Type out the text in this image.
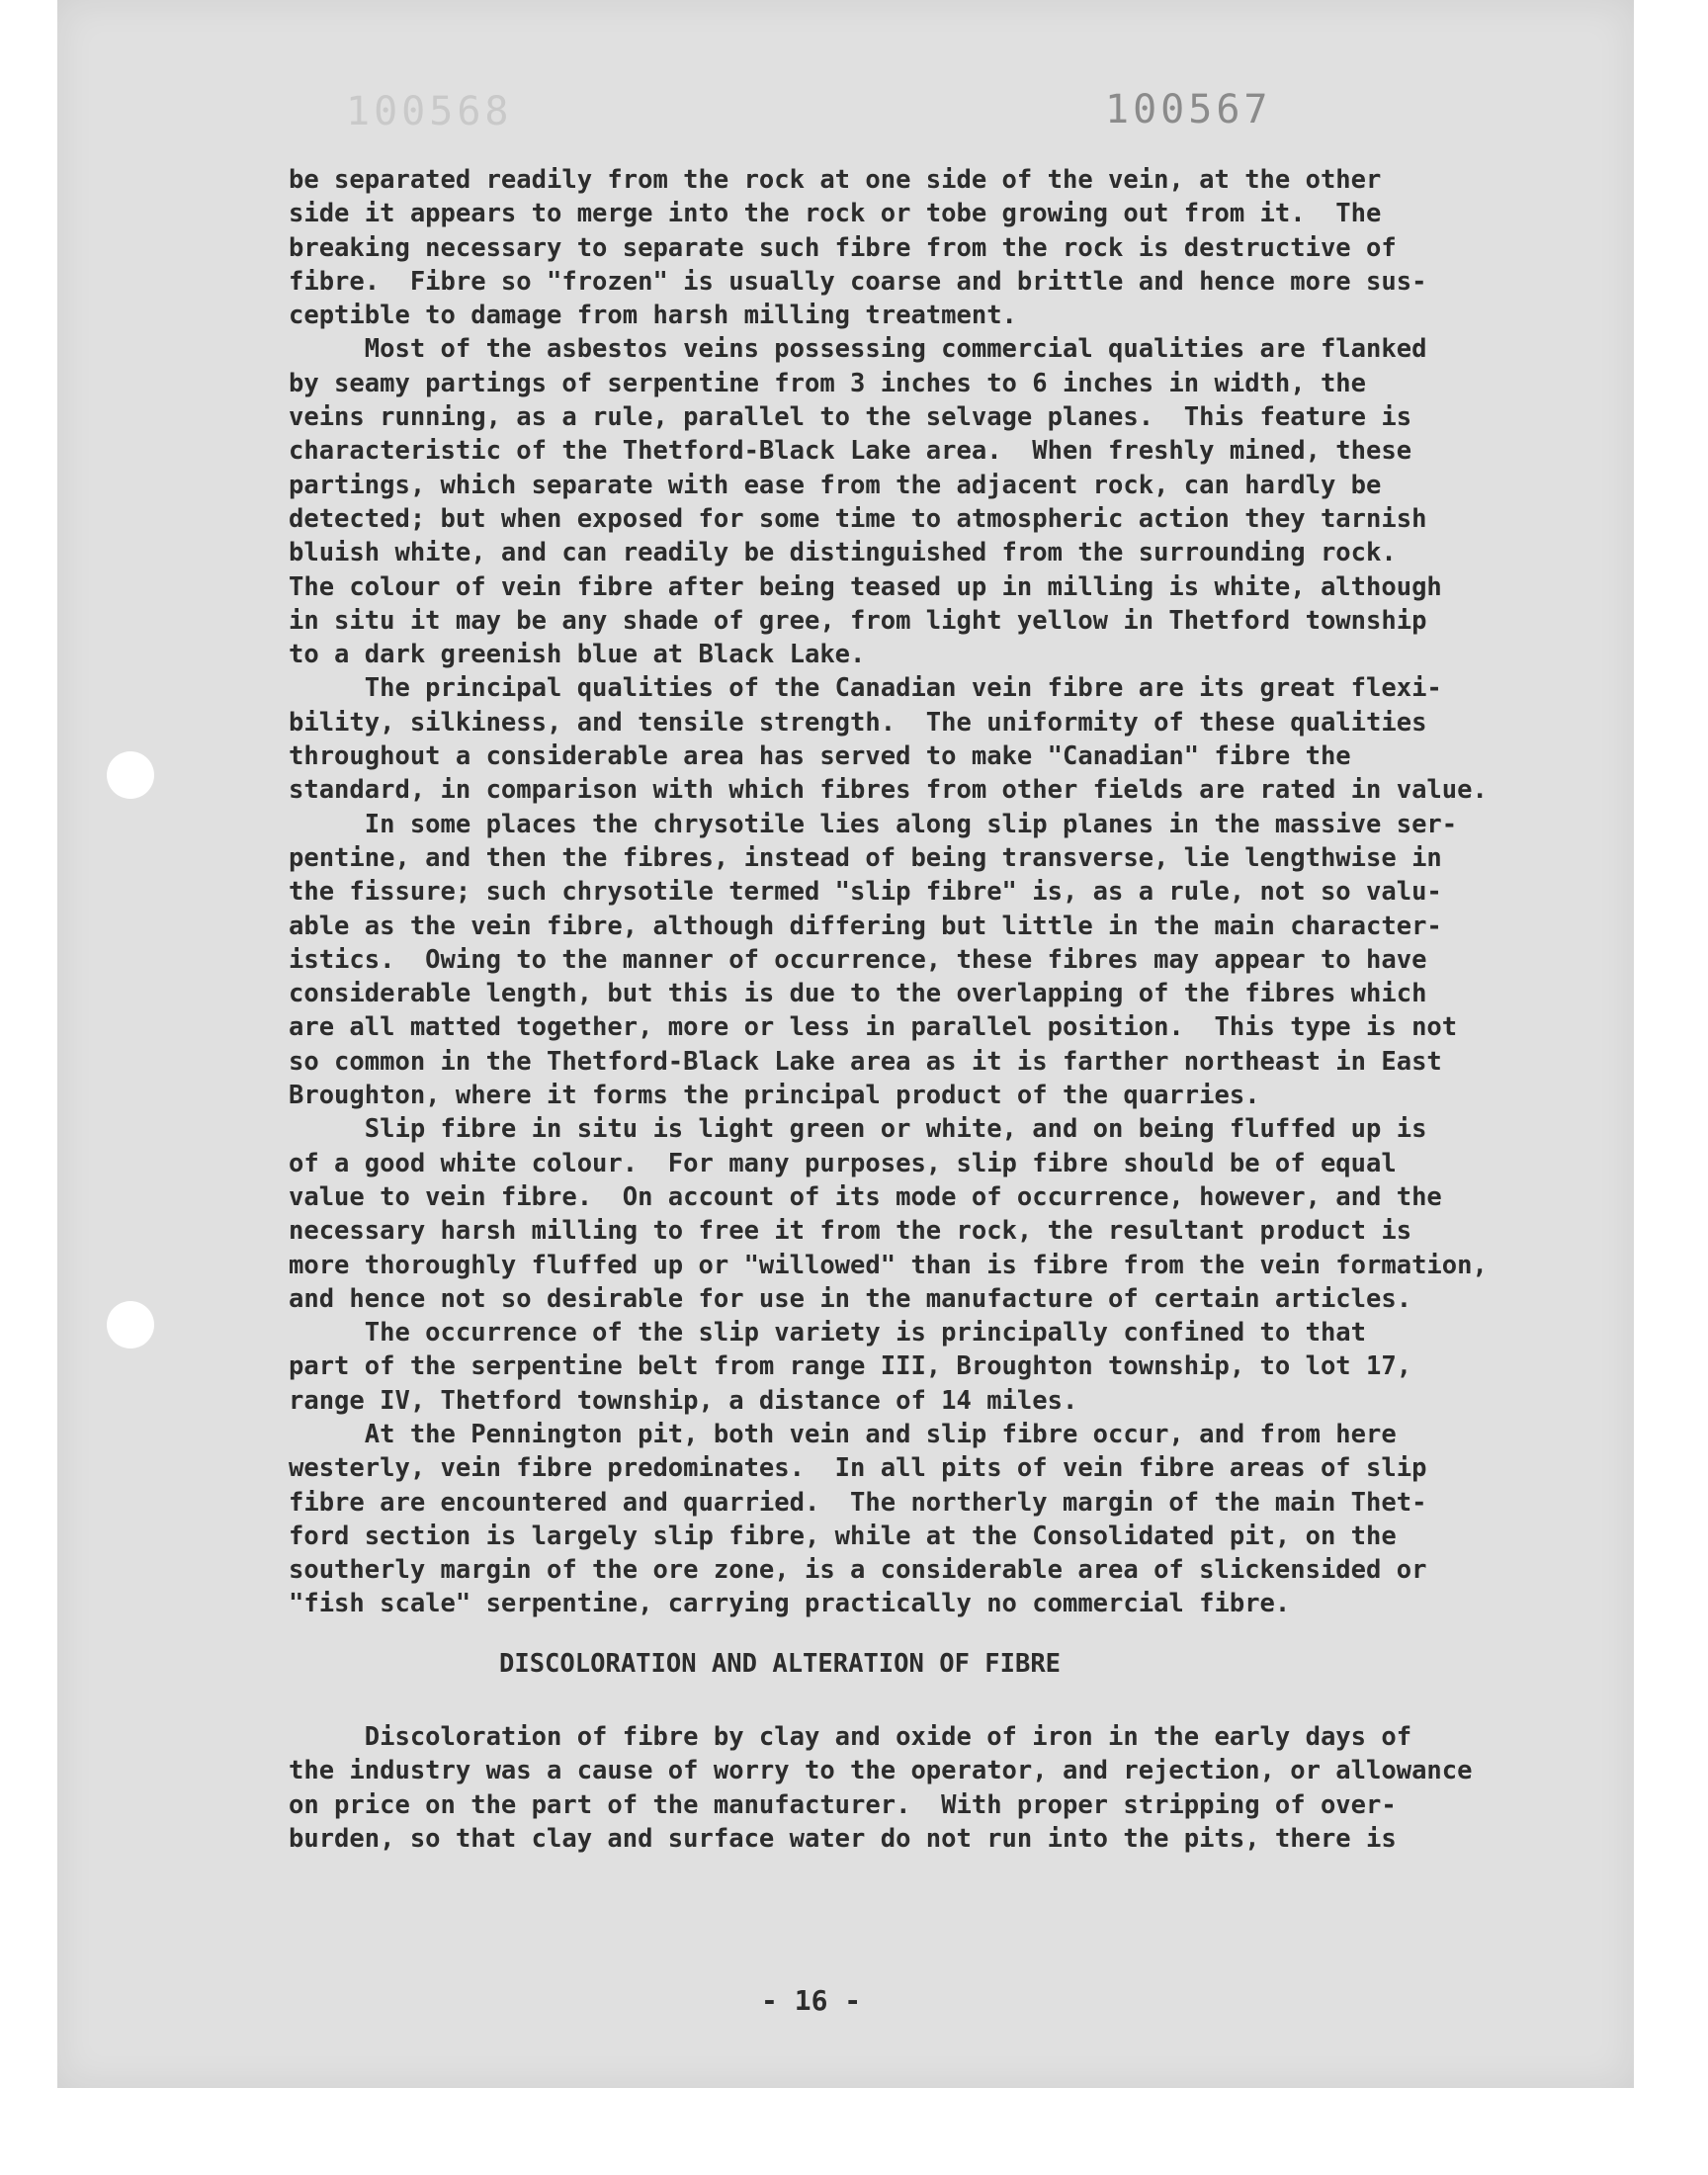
100568	100567
be separated readily from the rock at one side of the vein, at the other
side it appears to merge into the rock or tobe growing out from it.  The
breaking necessary to separate such fibre from the rock is destructive of
fibre.  Fibre so "frozen" is usually coarse and brittle and hence more sus-
ceptible to damage from harsh milling treatment.
Most of the asbestos veins possessing commercial qualities are flanked
by seamy partings of serpentine from 3 inches to 6 inches in width, the
veins running, as a rule, parallel to the selvage planes.  This feature is
characteristic of the Thetford-Black Lake area.  When freshly mined, these
partings, which separate with ease from the adjacent rock, can hardly be
detected; but when exposed for some time to atmospheric action they tarnish
bluish white, and can readily be distinguished from the surrounding rock.
The colour of vein fibre after being teased up in milling is white, although
in situ it may be any shade of gree, from light yellow in Thetford township
to a dark greenish blue at Black Lake.
The principal qualities of the Canadian vein fibre are its great flexi-
bility, silkiness, and tensile strength.  The uniformity of these qualities
throughout a considerable area has served to make "Canadian" fibre the
standard, in comparison with which fibres from other fields are rated in value.
In some places the chrysotile lies along slip planes in the massive ser-
pentine, and then the fibres, instead of being transverse, lie lengthwise in
the fissure; such chrysotile termed "slip fibre" is, as a rule, not so valu-
able as the vein fibre, although differing but little in the main character-
istics.  Owing to the manner of occurrence, these fibres may appear to have
considerable length, but this is due to the overlapping of the fibres which
are all matted together, more or less in parallel position.  This type is not
so common in the Thetford-Black Lake area as it is farther northeast in East
Broughton, where it forms the principal product of the quarries.
Slip fibre in situ is light green or white, and on being fluffed up is
of a good white colour.  For many purposes, slip fibre should be of equal
value to vein fibre.  On account of its mode of occurrence, however, and the
necessary harsh milling to free it from the rock, the resultant product is
more thoroughly fluffed up or "willowed" than is fibre from the vein formation,
and hence not so desirable for use in the manufacture of certain articles.
The occurrence of the slip variety is principally confined to that
part of the serpentine belt from range III, Broughton township, to lot 17,
range IV, Thetford township, a distance of 14 miles.
At the Pennington pit, both vein and slip fibre occur, and from here
westerly, vein fibre predominates.  In all pits of vein fibre areas of slip
fibre are encountered and quarried.  The northerly margin of the main Thet-
ford section is largely slip fibre, while at the Consolidated pit, on the
southerly margin of the ore zone, is a considerable area of slickensided or
"fish scale" serpentine, carrying practically no commercial fibre.
DISCOLORATION AND ALTERATION OF FIBRE
Discoloration of fibre by clay and oxide of iron in the early days of
the industry was a cause of worry to the operator, and rejection, or allowance
on price on the part of the manufacturer.  With proper stripping of over-
burden, so that clay and surface water do not run into the pits, there is
- 16 -
